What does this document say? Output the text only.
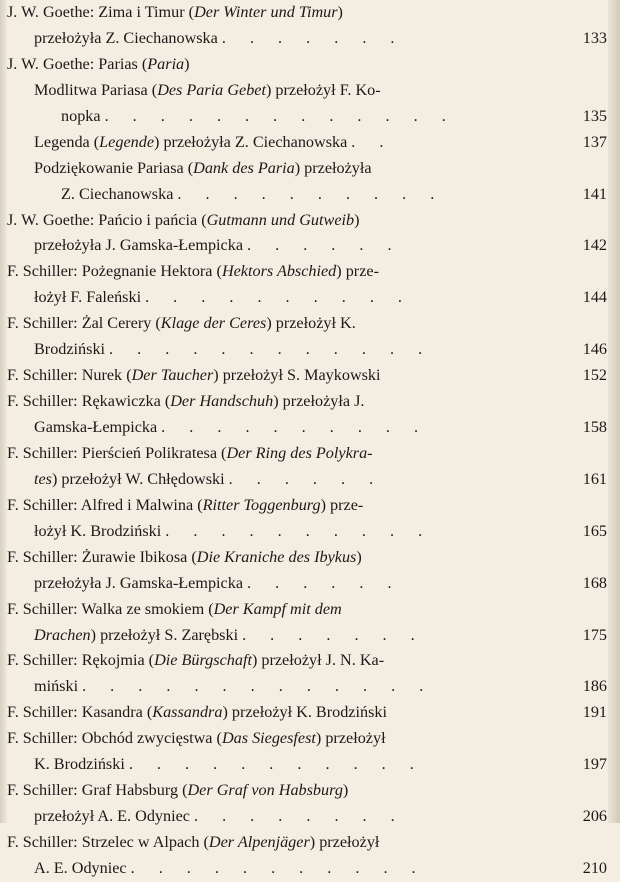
J. W. Goethe: Zima i Timur (Der Winter und Timur)
przełożyła Z. Ciechanowska . . . . . . .	133
J. W. Goethe: Parias (Paria)
Modlitwa Pariasa (Des Paria Gebet) przełożył F. Ko-
nopka . . . . . . . . . . . . .	135
Legenda (Legende) przełożyła Z. Ciechanowska . .	137
Podziękowanie Pariasa (Dank des Paria) przełożyła
Z. Ciechanowska . . . . . . . . . .	141
J. W. Goethe: Pańcio i pańcia (Gutmann und Gutweib)
przełożyła J. Gamska-Łempicka . . . . . .	142
F. Schiller: Pożegnanie Hektora (Hektors Abschied) prze-
łożył F. Faleński . . . . . . . . . .	144
F. Schiller: Żal Cerery (Klage der Ceres) przełożył K.
Brodziński . . . . . . . . . . . .	146
F. Schiller: Nurek (Der Taucher) przełożył S. Maykowski	152
F. Schiller: Rękawiczka (Der Handschuh) przełożyła J.
Gamska-Łempicka . . . . . . . . . .	158
F. Schiller: Pierścień Polikratesa (Der Ring des Polykra-
tes) przełożył W. Chłędowski . . . . . .	161
F. Schiller: Alfred i Malwina (Ritter Toggenburg) prze-
łożył K. Brodziński . . . . . . . . . .	165
F. Schiller: Żurawie Ibikosa (Die Kraniche des Ibykus)
przełożyła J. Gamska-Łempicka . . . . . .	168
F. Schiller: Walka ze smokiem (Der Kampf mit dem
Drachen) przełożył S. Zarębski . . . . . . .	175
F. Schiller: Rękojmia (Die Bürgschaft) przełożył J. N. Ka-
miński . . . . . . . . . . . . .	186
F. Schiller: Kasandra (Kassandra) przełożył K. Brodziński	191
F. Schiller: Obchód zwycięstwa (Das Siegesfest) przełożył
K. Brodziński . . . . . . . . . . .	197
F. Schiller: Graf Habsburg (Der Graf von Habsburg)
przełożył A. E. Odyniec . . . . . . . .	206
F. Schiller: Strzelec w Alpach (Der Alpenjäger) przełożył
A. E. Odyniec . . . . . . . . . . .	210
